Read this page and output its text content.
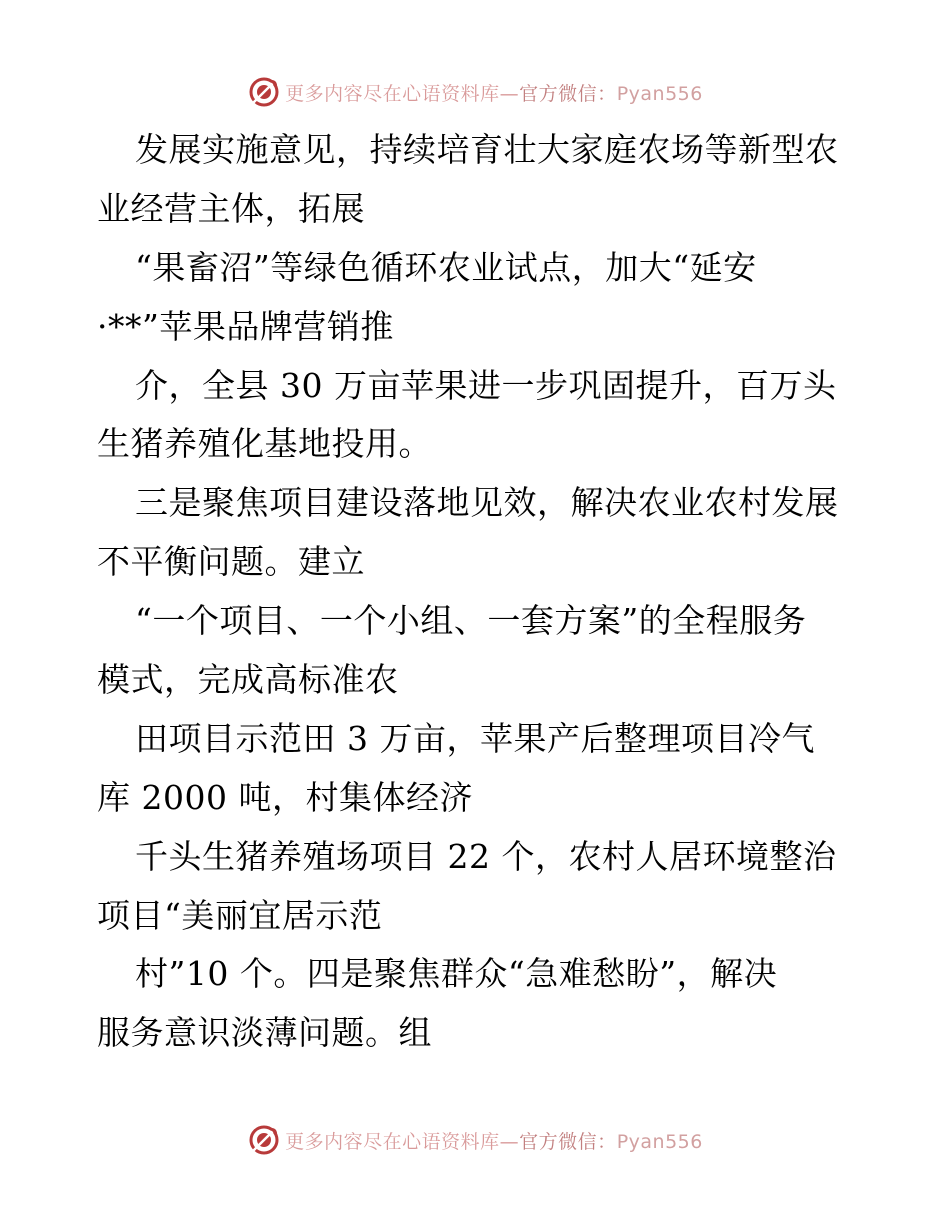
更多内容尽在心语资料库—官方微信：Pyan556
发展实施意见，持续培育壮大家庭农场等新型农
业经营主体，拓展
“果畜沼”等绿色循环农业试点，加大“延安
·**”苹果品牌营销推
介，全县 30 万亩苹果进一步巩固提升，百万头
生猪养殖化基地投用。
三是聚焦项目建设落地见效，解决农业农村发展
不平衡问题。建立
“一个项目、一个小组、一套方案”的全程服务
模式，完成高标准农
田项目示范田 3 万亩，苹果产后整理项目冷气
库 2000 吨，村集体经济
千头生猪养殖场项目 22 个，农村人居环境整治
项目“美丽宜居示范
村”10 个。四是聚焦群众“急难愁盼”，解决
服务意识淡薄问题。组
更多内容尽在心语资料库—官方微信：Pyan556
